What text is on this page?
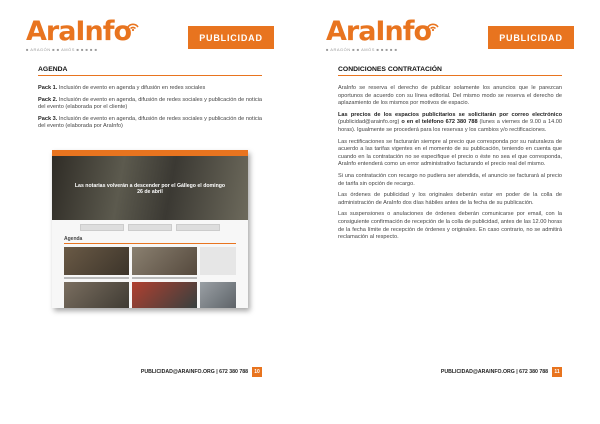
AraInfo
■ ARAGÓN ■ ■ AMÓS ■ ■ ■ ■ ■
PUBLICIDAD
AGENDA

Pack 1. Inclusión de evento en agenda y difusión en redes sociales

Pack 2. Inclusión de evento en agenda, difusión de redes sociales y publicación de noticia del evento (elaborada por el cliente)

Pack 3. Inclusión de evento en agenda, difusión de redes sociales y publicación de noticia del evento (elaborada por AraInfo)

Las notarias volverán a descender por el Gállego el domingo 26 de abril
Agenda
PUBLICIDAD@ARAINFO.ORG | 672 380 788	10
AraInfo
■ ARAGÓN ■ ■ AMÓS ■ ■ ■ ■ ■
PUBLICIDAD
CONDICIONES CONTRATACIÓN

AraInfo se reserva el derecho de publicar solamente los anuncios que le parezcan oportunos de acuerdo con su línea editorial. Del mismo modo se reserva el derecho de aplazamiento de los mismos por motivos de espacio.

Las precios de los espacios publicitarios se solicitarán por correo electrónico (publicidad@arainfo.org) o en el teléfono 672 380 788 (lunes a viernes de 9.00 a 14.00 horas). Igualmente se procederá para los reservas y los cambios y/o rectificaciones.

Las rectificaciones se facturarán siempre al precio que corresponda por su naturaleza de acuerdo a las tarifas vigentes en el momento de su publicación, teniendo en cuenta que cuando en la contratación no se especifique el precio o éste no sea el que corresponda, AraInfo entenderá como un error administrativo facturando el precio real del mismo.

Si una contratación con recargo no pudiera ser atendida, el anuncio se facturará al precio de tarifa sin opción de recargo.

Las órdenes de publicidad y los originales deberán estar en poder de la colla de administración de AraInfo dos días hábiles antes de la fecha de su publicación.

Las suspensiones o anulaciones de órdenes deberán comunicarse por email, con la consiguiente confirmación de recepción de la colla de publicidad, antes de las 12.00 horas de la fecha límite de recepción de órdenes y originales. En caso contrario, no se admitirá reclamación al respecto.

PUBLICIDAD@ARAINFO.ORG | 672 380 788	11
